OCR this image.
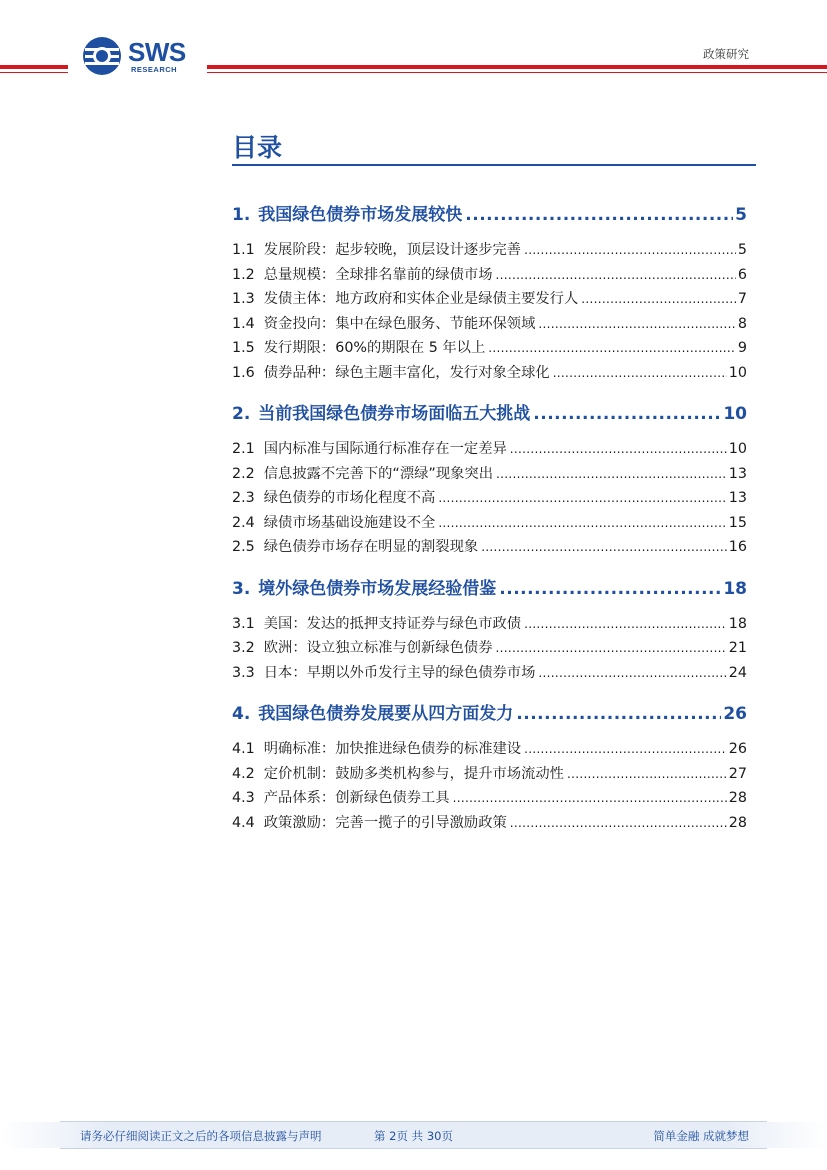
SWS
RESEARCH
政策研究
目录
1. 我国绿色债券市场发展较快 .....	5
1.1 发展阶段：起步较晚，顶层设计逐步完善 .....	5
1.2 总量规模：全球排名靠前的绿债市场 .....	6
1.3 发债主体：地方政府和实体企业是绿债主要发行人 .....	7
1.4 资金投向：集中在绿色服务、节能环保领域 .....	8
1.5 发行期限：60%的期限在 5 年以上 .....	9
1.6 债券品种：绿色主题丰富化，发行对象全球化 .....	10
2. 当前我国绿色债券市场面临五大挑战 .....	10
2.1 国内标准与国际通行标准存在一定差异 .....	10
2.2 信息披露不完善下的“漂绿”现象突出 .....	13
2.3 绿色债券的市场化程度不高 .....	13
2.4 绿债市场基础设施建设不全 .....	15
2.5 绿色债券市场存在明显的割裂现象 .....	16
3. 境外绿色债券市场发展经验借鉴 .....	18
3.1 美国：发达的抵押支持证券与绿色市政债 .....	18
3.2 欧洲：设立独立标准与创新绿色债券 .....	21
3.3 日本：早期以外币发行主导的绿色债券市场 .....	24
4. 我国绿色债券发展要从四方面发力 .....	26
4.1 明确标准：加快推进绿色债券的标准建设 .....	26
4.2 定价机制：鼓励多类机构参与，提升市场流动性 .....	27
4.3 产品体系：创新绿色债券工具 .....	28
4.4 政策激励：完善一揽子的引导激励政策 .....	28
请务必仔细阅读正文之后的各项信息披露与声明	第 2页 共 30页	简单金融 成就梦想
